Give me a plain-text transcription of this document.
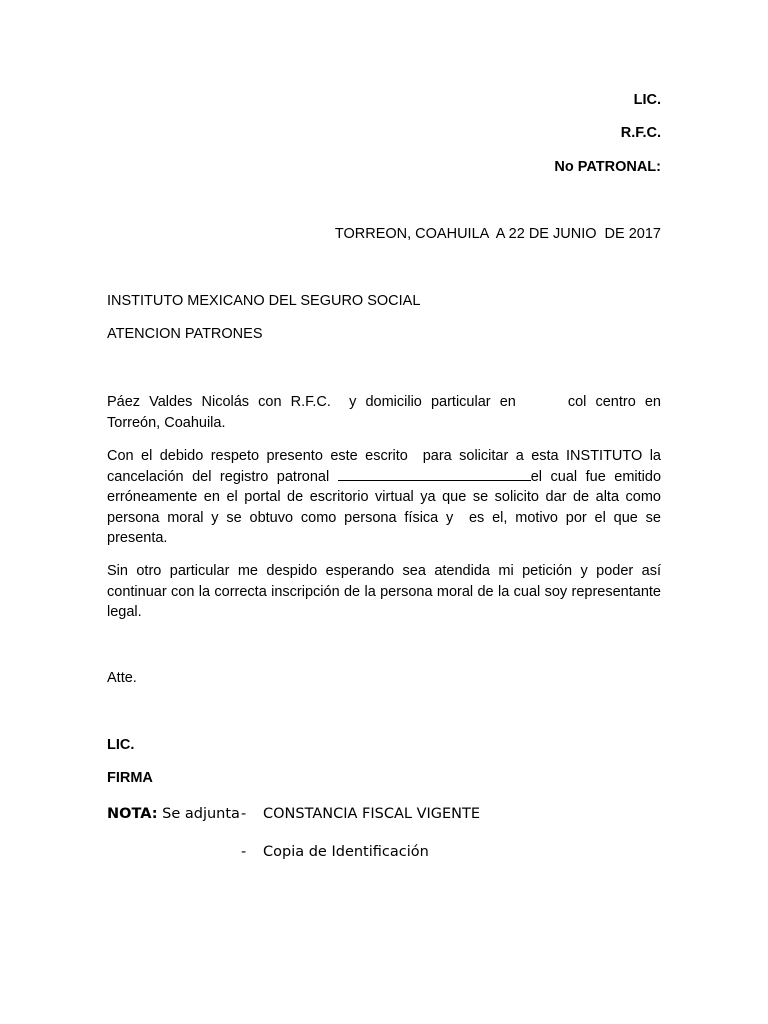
LIC.
R.F.C.
No PATRONAL:
TORREON, COAHUILA  A 22 DE JUNIO  DE 2017
INSTITUTO MEXICANO DEL SEGURO SOCIAL
ATENCION PATRONES
Páez Valdes Nicolás con R.F.C.  y domicilio particular en	col centro en Torreón, Coahuila.
Con el debido respeto presento este escrito  para solicitar a esta INSTITUTO la cancelación del registro patronal	el cual fue emitido erróneamente en el portal de escritorio virtual ya que se solicito dar de alta como persona moral y se obtuvo como persona física y  es el, motivo por el que se presenta.
Sin otro particular me despido esperando sea atendida mi petición y poder así continuar con la correcta inscripción de la persona moral de la cual soy representante legal.
Atte.
LIC.
FIRMA
NOTA: Se adjunta - CONSTANCIA FISCAL VIGENTE
- Copia de Identificación
